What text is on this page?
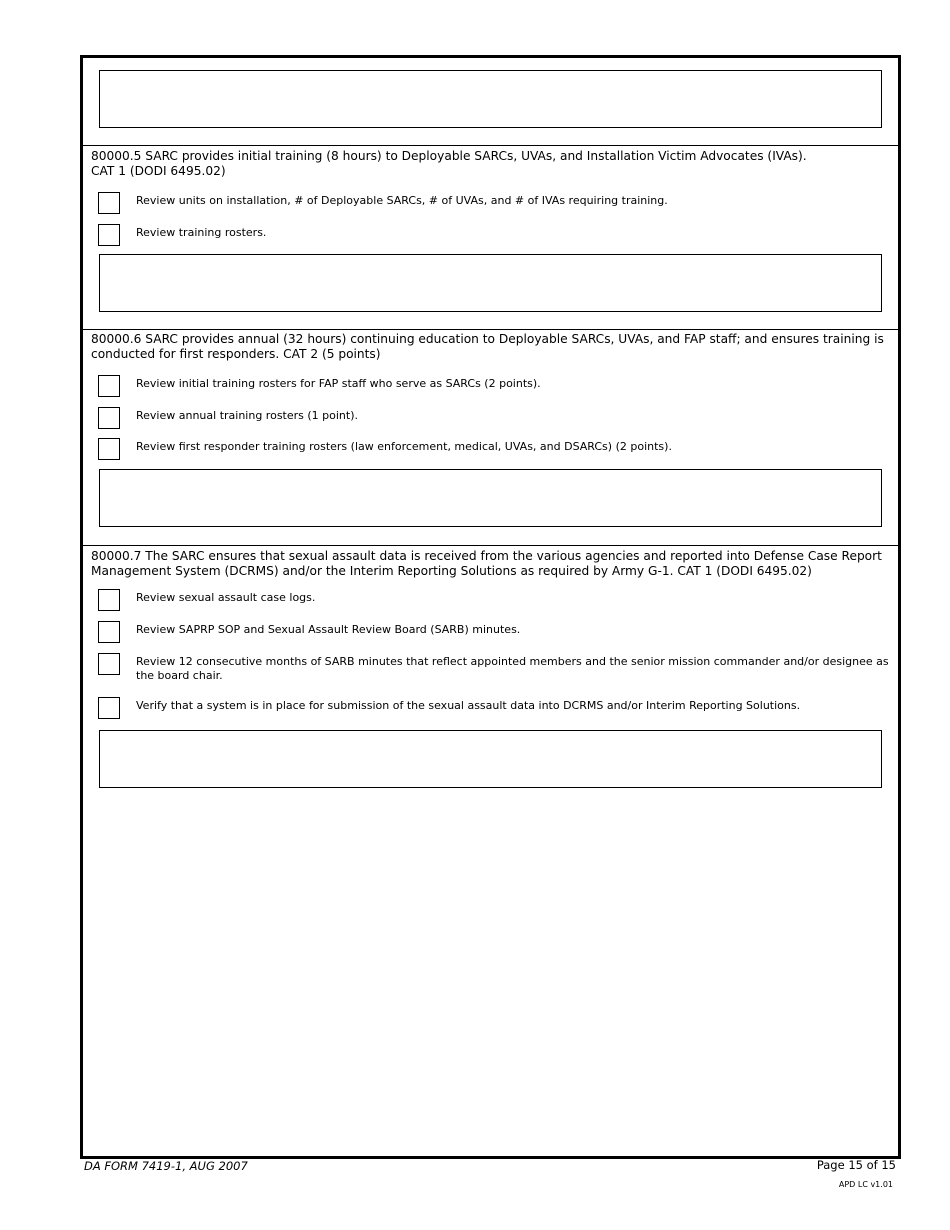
80000.5 SARC provides initial training (8 hours) to Deployable SARCs, UVAs, and Installation Victim Advocates (IVAs).
CAT 1 (DODI 6495.02)

Review units on installation, # of Deployable SARCs, # of UVAs, and # of IVAs requiring training.
Review training rosters.

80000.6 SARC provides annual (32 hours) continuing education to Deployable SARCs, UVAs, and FAP staff; and ensures training is
conducted for first responders. CAT 2 (5 points)

Review initial training rosters for FAP staff who serve as SARCs (2 points).
Review annual training rosters (1 point).
Review first responder training rosters (law enforcement, medical, UVAs, and DSARCs) (2 points).

80000.7 The SARC ensures that sexual assault data is received from the various agencies and reported into Defense Case Report
Management System (DCRMS) and/or the Interim Reporting Solutions as required by Army G-1. CAT 1 (DODI 6495.02)

Review sexual assault case logs.
Review SAPRP SOP and Sexual Assault Review Board (SARB) minutes.
Review 12 consecutive months of SARB minutes that reflect appointed members and the senior mission commander and/or designee as the board chair.
Verify that a system is in place for submission of the sexual assault data into DCRMS and/or Interim Reporting Solutions.
DA FORM 7419-1, AUG 2007	Page 15 of 15
APD LC v1.01
